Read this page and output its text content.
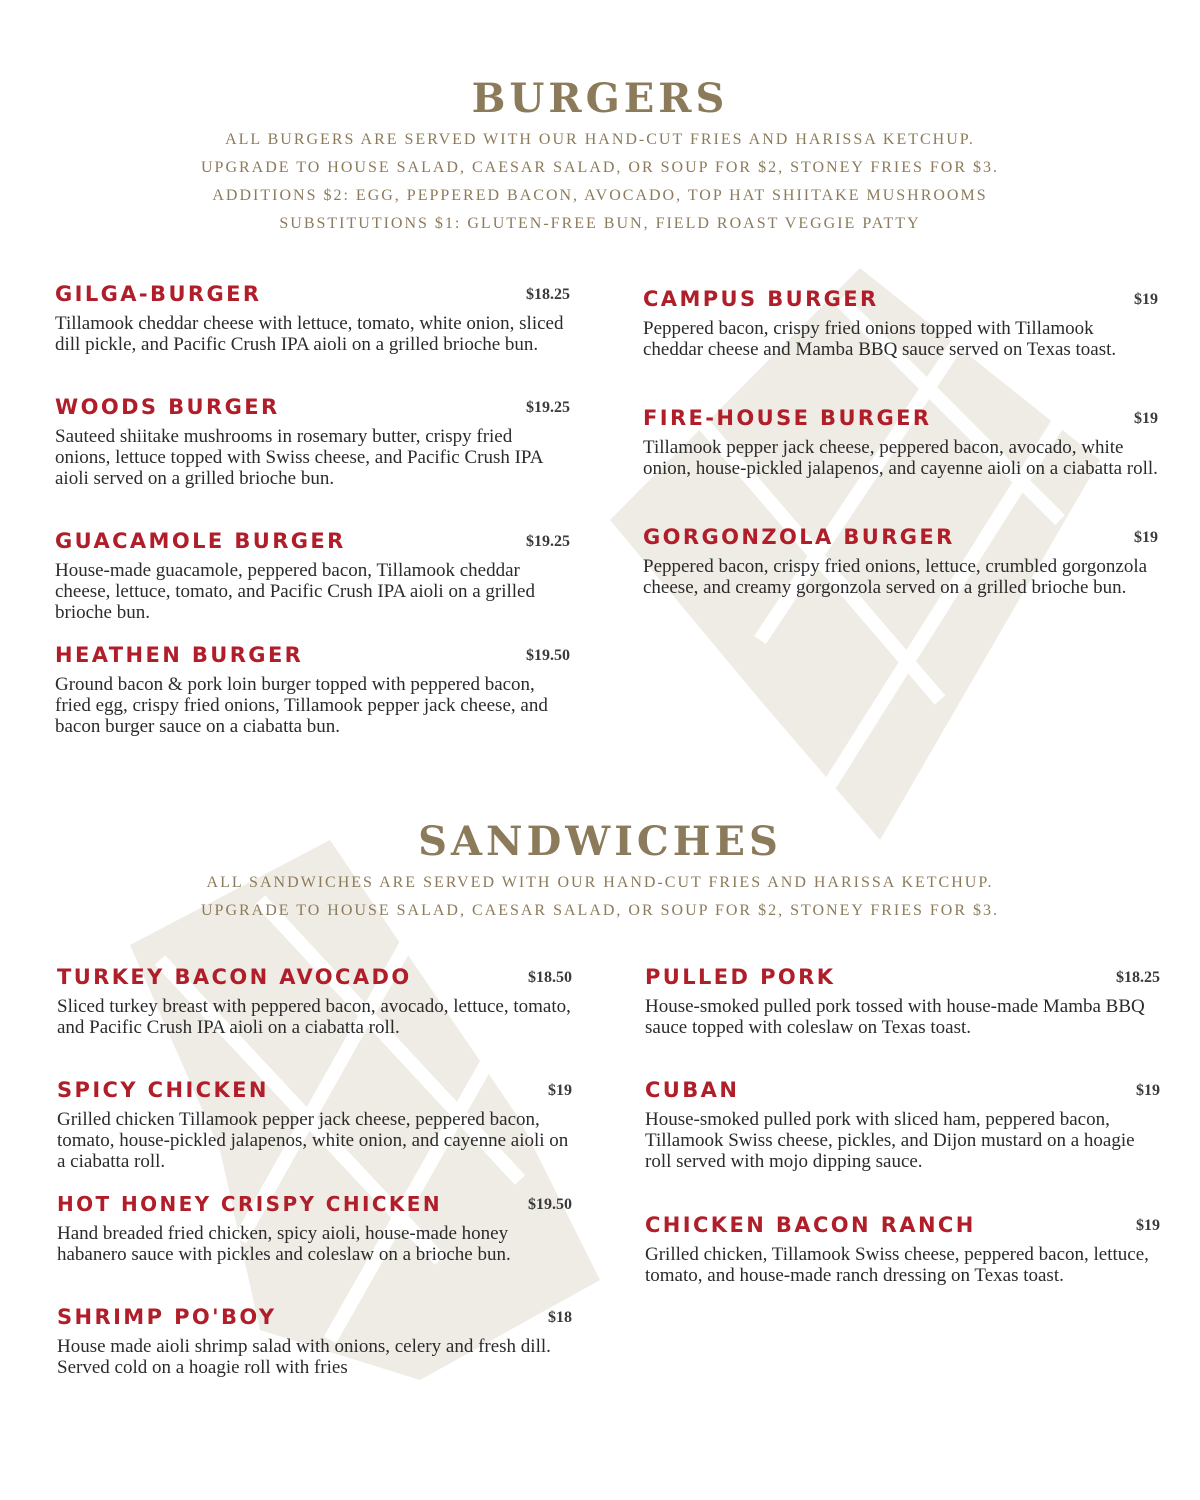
BURGERS
ALL BURGERS ARE SERVED WITH OUR HAND-CUT FRIES AND HARISSA KETCHUP.
UPGRADE TO HOUSE SALAD, CAESAR SALAD, OR SOUP FOR $2, STONEY FRIES FOR $3.
ADDITIONS $2: EGG, PEPPERED BACON, AVOCADO, TOP HAT SHIITAKE MUSHROOMS
SUBSTITUTIONS $1: GLUTEN-FREE BUN, FIELD ROAST VEGGIE PATTY
GILGA-BURGER	$18.25
Tillamook cheddar cheese with lettuce, tomato, white onion, sliced dill pickle, and Pacific Crush IPA aioli on a grilled brioche bun.
WOODS BURGER	$19.25
Sauteed shiitake mushrooms in rosemary butter, crispy fried onions, lettuce topped with Swiss cheese, and Pacific Crush IPA aioli served on a grilled brioche bun.
GUACAMOLE BURGER	$19.25
House-made guacamole, peppered bacon, Tillamook cheddar cheese, lettuce, tomato, and Pacific Crush IPA aioli on a grilled brioche bun.
HEATHEN BURGER	$19.50
Ground bacon & pork loin burger topped with peppered bacon, fried egg, crispy fried onions, Tillamook pepper jack cheese, and bacon burger sauce on a ciabatta bun.
CAMPUS BURGER	$19
Peppered bacon, crispy fried onions topped with Tillamook cheddar cheese and Mamba BBQ sauce served on Texas toast.
FIRE-HOUSE BURGER	$19
Tillamook pepper jack cheese, peppered bacon, avocado, white onion, house-pickled jalapenos, and cayenne aioli on a ciabatta roll.
GORGONZOLA BURGER	$19
Peppered bacon, crispy fried onions, lettuce, crumbled gorgonzola cheese, and creamy gorgonzola served on a grilled brioche bun.
SANDWICHES
ALL SANDWICHES ARE SERVED WITH OUR HAND-CUT FRIES AND HARISSA KETCHUP.
UPGRADE TO HOUSE SALAD, CAESAR SALAD, OR SOUP FOR $2, STONEY FRIES FOR $3.
TURKEY BACON AVOCADO	$18.50
Sliced turkey breast with peppered bacon, avocado, lettuce, tomato, and Pacific Crush IPA aioli on a ciabatta roll.
SPICY CHICKEN	$19
Grilled chicken Tillamook pepper jack cheese, peppered bacon, tomato, house-pickled jalapenos, white onion, and cayenne aioli on a ciabatta roll.
HOT HONEY CRISPY CHICKEN	$19.50
Hand breaded fried chicken, spicy aioli, house-made honey habanero sauce with pickles and coleslaw on a brioche bun.
SHRIMP PO'BOY	$18
House made aioli shrimp salad with onions, celery and fresh dill. Served cold on a hoagie roll with fries
PULLED PORK	$18.25
House-smoked pulled pork tossed with house-made Mamba BBQ sauce topped with coleslaw on Texas toast.
CUBAN	$19
House-smoked pulled pork with sliced ham, peppered bacon, Tillamook Swiss cheese, pickles, and Dijon mustard on a hoagie roll served with mojo dipping sauce.
CHICKEN BACON RANCH	$19
Grilled chicken, Tillamook Swiss cheese, peppered bacon, lettuce, tomato, and house-made ranch dressing on Texas toast.
